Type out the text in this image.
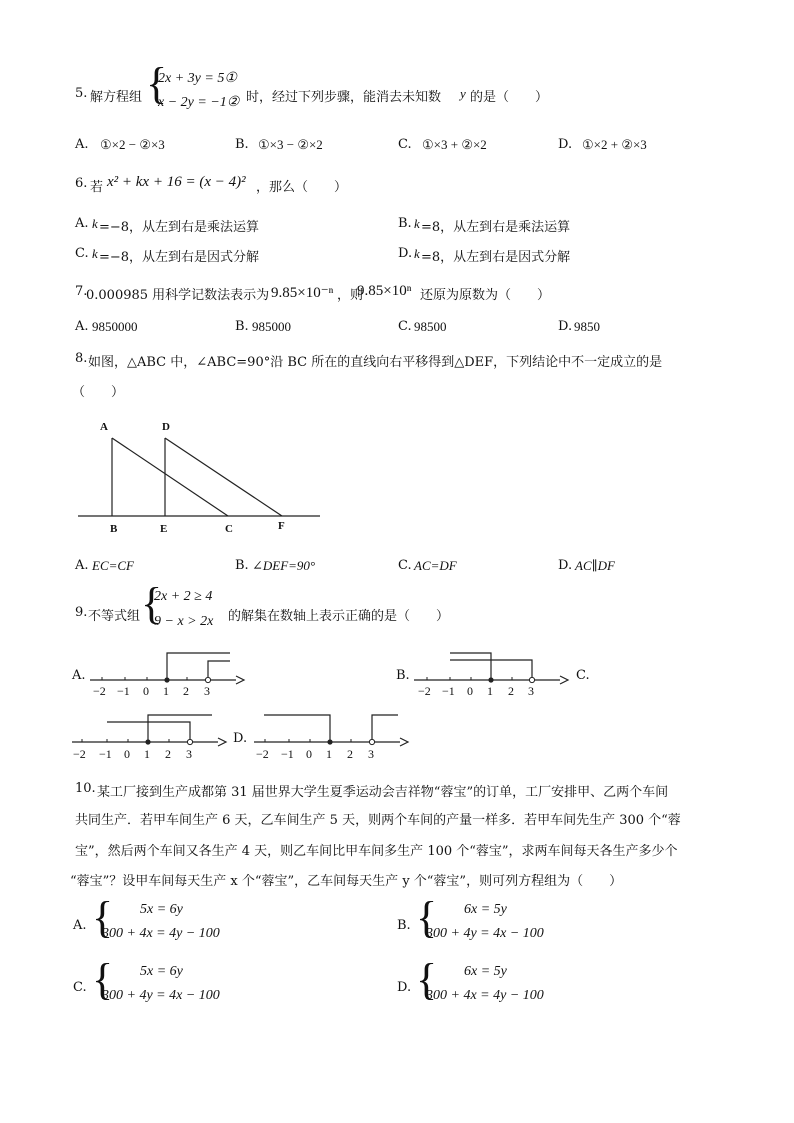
5. 解方程组 {
2x + 3y = 5①
x − 2y = −1② 时，经过下列步骤，能消去未知数 y 的是（　　）
A. ①×2 − ②×3	B. ①×3 − ②×2	C. ①×3 + ②×2	D. ①×2 + ②×3
6. 若 x² + kx + 16 = (x − 4)² ，那么（　　）
A. k =−8，从左到右是乘法运算	B. k =8，从左到右是乘法运算
C. k =−8，从左到右是因式分解	D. k =8，从左到右是因式分解
7.
0.000985 用科学记数法表示为 9.85×10⁻ⁿ ，则
9.85×10ⁿ 还原为原数为（　　）
A. 9850000	B. 985000	C. 98500	D. 9850
8. 如图，△ABC 中，∠ABC=90°沿 BC 所在的直线向右平移得到△DEF，下列结论中不一定成立的是
（　　）
A	D
B	E	C	F
A. EC=CF	B. ∠DEF=90°	C. AC=DF	D. AC∥DF
9. 不等式组 {
2x + 2 ≥ 4
9 − x > 2x 的解集在数轴上表示正确的是（　　）
A.	B.	C.
D.
−2 −1 0 1 2 3	−2 −1 0 1 2 3
−2 −1 0 1 2 3	−2 −1 0 1 2 3
10. 某工厂接到生产成都第 31 届世界大学生夏季运动会吉祥物“蓉宝”的订单，工厂安排甲、乙两个车间
共同生产．若甲车间生产 6 天，乙车间生产 5 天，则两个车间的产量一样多．若甲车间先生产 300 个“蓉
宝”，然后两个车间又各生产 4 天，则乙车间比甲车间多生产 100 个“蓉宝”，求两车间每天各生产多少个
“蓉宝”？设甲车间每天生产 x 个“蓉宝”，乙车间每天生产 y 个“蓉宝”，则可列方程组为（　　）
A. { 5x = 6y
300 + 4x = 4y − 100
B. { 6x = 5y
300 + 4y = 4x − 100
C. { 5x = 6y
300 + 4y = 4x − 100
D. { 6x = 5y
300 + 4x = 4y − 100
